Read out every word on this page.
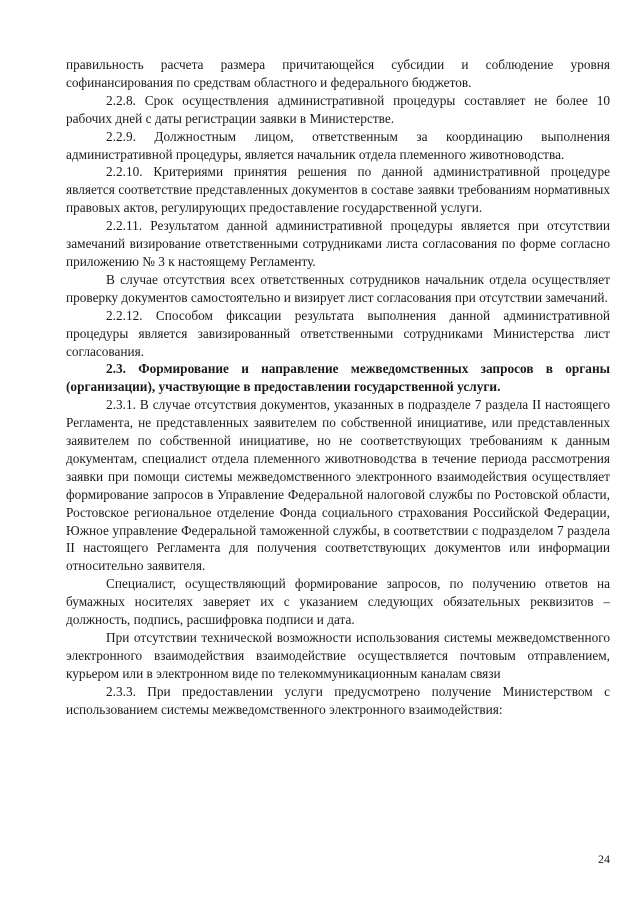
правильность расчета размера причитающейся субсидии и соблюдение уровня софинансирования по средствам областного и федерального бюджетов.

2.2.8. Срок осуществления административной процедуры составляет не более 10 рабочих дней с даты регистрации заявки в Министерстве.

2.2.9. Должностным лицом, ответственным за координацию выполнения административной процедуры, является начальник отдела племенного животноводства.

2.2.10. Критериями принятия решения по данной административной процедуре является соответствие представленных документов в составе заявки требованиям нормативных правовых актов, регулирующих предоставление государственной услуги.

2.2.11. Результатом данной административной процедуры является при отсутствии замечаний визирование ответственными сотрудниками листа согласования по форме согласно приложению № 3 к настоящему Регламенту.

В случае отсутствия всех ответственных сотрудников начальник отдела осуществляет проверку документов самостоятельно и визирует лист согласования при отсутствии замечаний.

2.2.12. Способом фиксации результата выполнения данной административной процедуры является завизированный ответственными сотрудниками Министерства лист согласования.

2.3. Формирование и направление межведомственных запросов в органы (организации), участвующие в предоставлении государственной услуги.

2.3.1. В случае отсутствия документов, указанных в подразделе 7 раздела II настоящего Регламента, не представленных заявителем по собственной инициативе, или представленных заявителем по собственной инициативе, но не соответствующих требованиям к данным документам, специалист отдела племенного животноводства в течение периода рассмотрения заявки при помощи системы межведомственного электронного взаимодействия осуществляет формирование запросов в Управление Федеральной налоговой службы по Ростовской области, Ростовское региональное отделение Фонда социального страхования Российской Федерации, Южное управление Федеральной таможенной службы, в соответствии с подразделом 7 раздела II настоящего Регламента для получения соответствующих документов или информации относительно заявителя.

Специалист, осуществляющий формирование запросов, по получению ответов на бумажных носителях заверяет их с указанием следующих обязательных реквизитов – должность, подпись, расшифровка подписи и дата.

При отсутствии технической возможности использования системы межведомственного электронного взаимодействия взаимодействие осуществляется почтовым отправлением, курьером или в электронном виде по телекоммуникационным каналам связи

2.3.3. При предоставлении услуги предусмотрено получение Министерством с использованием системы межведомственного электронного взаимодействия:

24
